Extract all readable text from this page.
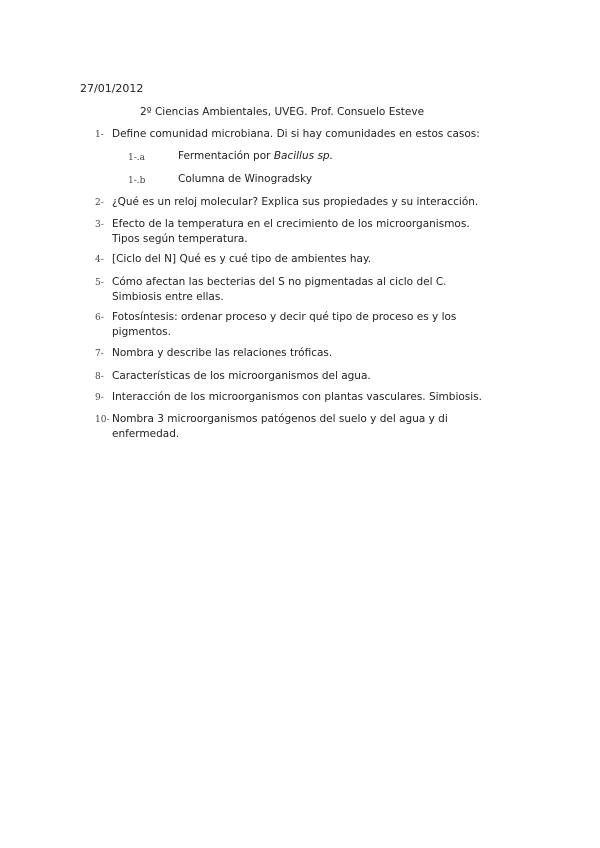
27/01/2012
2º Ciencias Ambientales, UVEG. Prof. Consuelo Esteve
1- Define comunidad microbiana. Di si hay comunidades en estos casos:
1-.a	Fermentación por Bacillus sp.
1-.b	Columna de Winogradsky
2- ¿Qué es un reloj molecular? Explica sus propiedades y su interacción.
3- Efecto de la temperatura en el crecimiento de los microorganismos. Tipos según temperatura.
4- [Ciclo del N] Qué es y cué tipo de ambientes hay.
5- Cómo afectan las becterias del S no pigmentadas al ciclo del C. Simbiosis entre ellas.
6- Fotosíntesis: ordenar proceso y decir qué tipo de proceso es y los pigmentos.
7- Nombra y describe las relaciones tróficas.
8- Características de los microorganismos del agua.
9- Interacción de los microorganismos con plantas vasculares. Simbiosis.
10- Nombra 3 microorganismos patógenos del suelo y del agua y di enfermedad.
